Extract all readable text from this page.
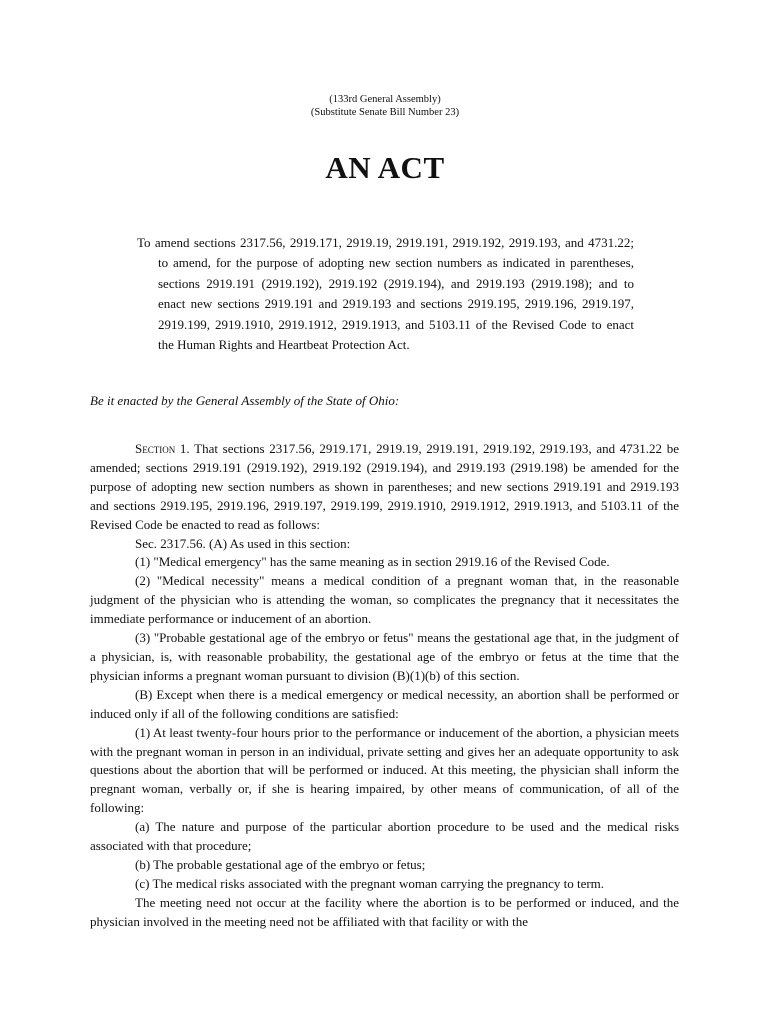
(133rd General Assembly)
(Substitute Senate Bill Number 23)
AN ACT
To amend sections 2317.56, 2919.171, 2919.19, 2919.191, 2919.192, 2919.193, and 4731.22; to amend, for the purpose of adopting new section numbers as indicated in parentheses, sections 2919.191 (2919.192), 2919.192 (2919.194), and 2919.193 (2919.198); and to enact new sections 2919.191 and 2919.193 and sections 2919.195, 2919.196, 2919.197, 2919.199, 2919.1910, 2919.1912, 2919.1913, and 5103.11 of the Revised Code to enact the Human Rights and Heartbeat Protection Act.
Be it enacted by the General Assembly of the State of Ohio:

Section 1. That sections 2317.56, 2919.171, 2919.19, 2919.191, 2919.192, 2919.193, and 4731.22 be amended; sections 2919.191 (2919.192), 2919.192 (2919.194), and 2919.193 (2919.198) be amended for the purpose of adopting new section numbers as shown in parentheses; and new sections 2919.191 and 2919.193 and sections 2919.195, 2919.196, 2919.197, 2919.199, 2919.1910, 2919.1912, 2919.1913, and 5103.11 of the Revised Code be enacted to read as follows:

Sec. 2317.56. (A) As used in this section:

(1) "Medical emergency" has the same meaning as in section 2919.16 of the Revised Code.

(2) "Medical necessity" means a medical condition of a pregnant woman that, in the reasonable judgment of the physician who is attending the woman, so complicates the pregnancy that it necessitates the immediate performance or inducement of an abortion.

(3) "Probable gestational age of the embryo or fetus" means the gestational age that, in the judgment of a physician, is, with reasonable probability, the gestational age of the embryo or fetus at the time that the physician informs a pregnant woman pursuant to division (B)(1)(b) of this section.

(B) Except when there is a medical emergency or medical necessity, an abortion shall be performed or induced only if all of the following conditions are satisfied:

(1) At least twenty-four hours prior to the performance or inducement of the abortion, a physician meets with the pregnant woman in person in an individual, private setting and gives her an adequate opportunity to ask questions about the abortion that will be performed or induced. At this meeting, the physician shall inform the pregnant woman, verbally or, if she is hearing impaired, by other means of communication, of all of the following:

(a) The nature and purpose of the particular abortion procedure to be used and the medical risks associated with that procedure;

(b) The probable gestational age of the embryo or fetus;

(c) The medical risks associated with the pregnant woman carrying the pregnancy to term.

The meeting need not occur at the facility where the abortion is to be performed or induced, and the physician involved in the meeting need not be affiliated with that facility or with the
